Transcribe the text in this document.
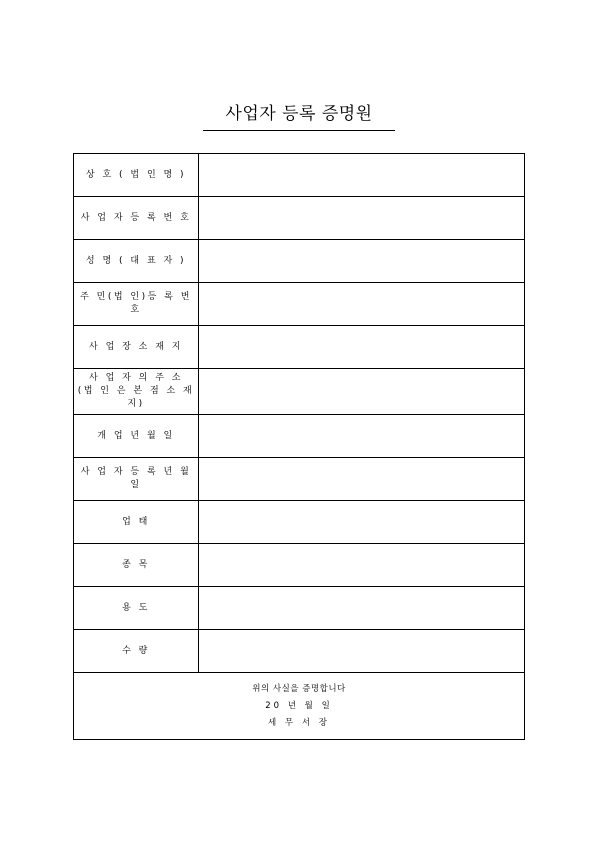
사업자 등록 증명원
상 호 ( 법 인 명 )	
사 업 자 등 록 번 호	
성 명 ( 대 표 자 )	
주 민(법 인)등 록 번 호	
사 업 장 소 재 지	
사 업 자 의 주 소
(법 인 은 본 점 소 재 지)	
개 업 년 월 일	
사 업 자 등 록 년 월 일	
업 태	
종 목	
용 도	
수 량	

위의 사실을 증명합니다
20 년 월 일
세 무 서 장	
